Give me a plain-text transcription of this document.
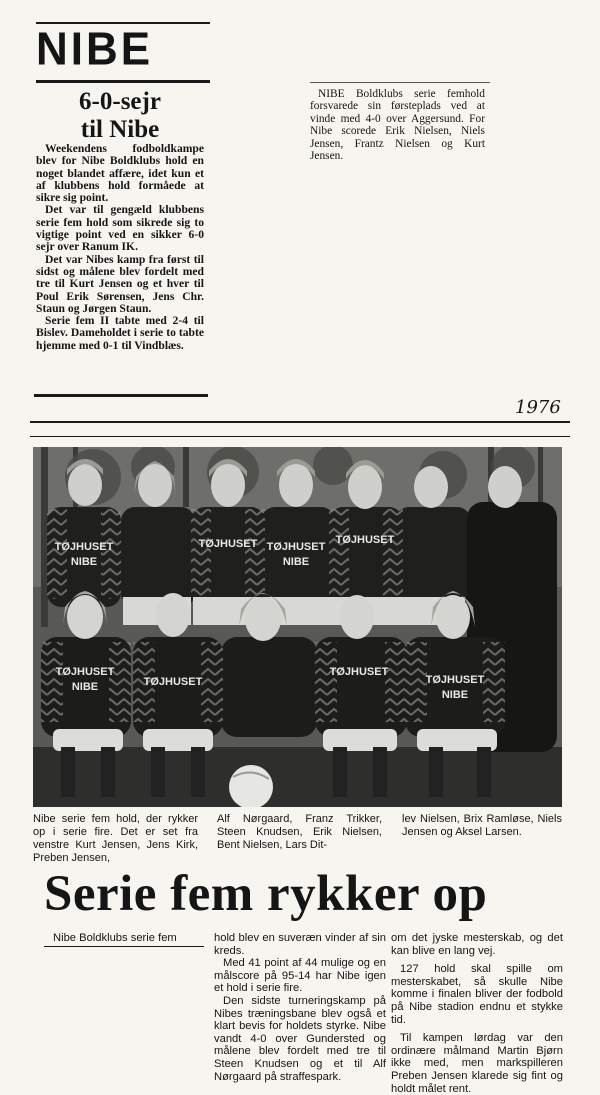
NIBE
6-0-sejr
til Nibe

Weekendens fodboldkampe blev for Nibe Boldklubs hold en noget blandet affære, idet kun et af klubbens hold formåede at sikre sig point.

Det var til gengæld klubbens serie fem hold som sikrede sig to vigtige point ved en sikker 6-0 sejr over Ranum IK.

Det var Nibes kamp fra først til sidst og målene blev fordelt med tre til Kurt Jensen og et hver til Poul Erik Sørensen, Jens Chr. Staun og Jørgen Staun.

Serie fem II tabte med 2-4 til Bislev. Dameholdet i serie to tabte hjemme med 0-1 til Vindblæs.

NIBE Boldklubs serie femhold forsvarede sin førsteplads ved at vinde med 4-0 over Aggersund. For Nibe scorede Erik Nielsen, Niels Jensen, Frantz Nielsen og Kurt Jensen.

1976
TØJHUSET
NIBE
TØJHUSET TØJHUSET
NIBE
TØJHUSET
TØJHUSET
NIBE	TØJHUSET
TØJHUSET
TØJHUSET
NIBE
Nibe serie fem hold, der rykker op i serie fire. Det er set fra venstre Kurt Jensen, Jens Kirk, Preben Jensen,
Alf Nørgaard, Franz Trikker, Steen Knudsen, Erik Nielsen, Bent Nielsen, Lars Dit-
lev Nielsen, Brix Ramløse, Niels Jensen og Aksel Larsen.
Serie fem rykker op

Nibe Boldklubs serie fem	hold blev en suveræn vinder af sin kreds.

Med 41 point af 44 mulige og en målscore på 95-14 har Nibe igen et hold i serie fire.

Den sidste turneringskamp på Nibes træningsbane blev også et klart bevis for holdets styrke. Nibe vandt 4-0 over Gundersted og målene blev fordelt med tre til Steen Knudsen og et til Alf Nørgaard på straffespark.

om det jyske mesterskab, og det kan blive en lang vej.

127 hold skal spille om mesterskabet, så skulle Nibe komme i finalen bliver der fodbold på Nibe stadion endnu et stykke tid.

Til kampen lørdag var den ordinære målmand Martin Bjørn ikke med, men markspilleren Preben Jensen klarede sig fint og holdt målet rent.
